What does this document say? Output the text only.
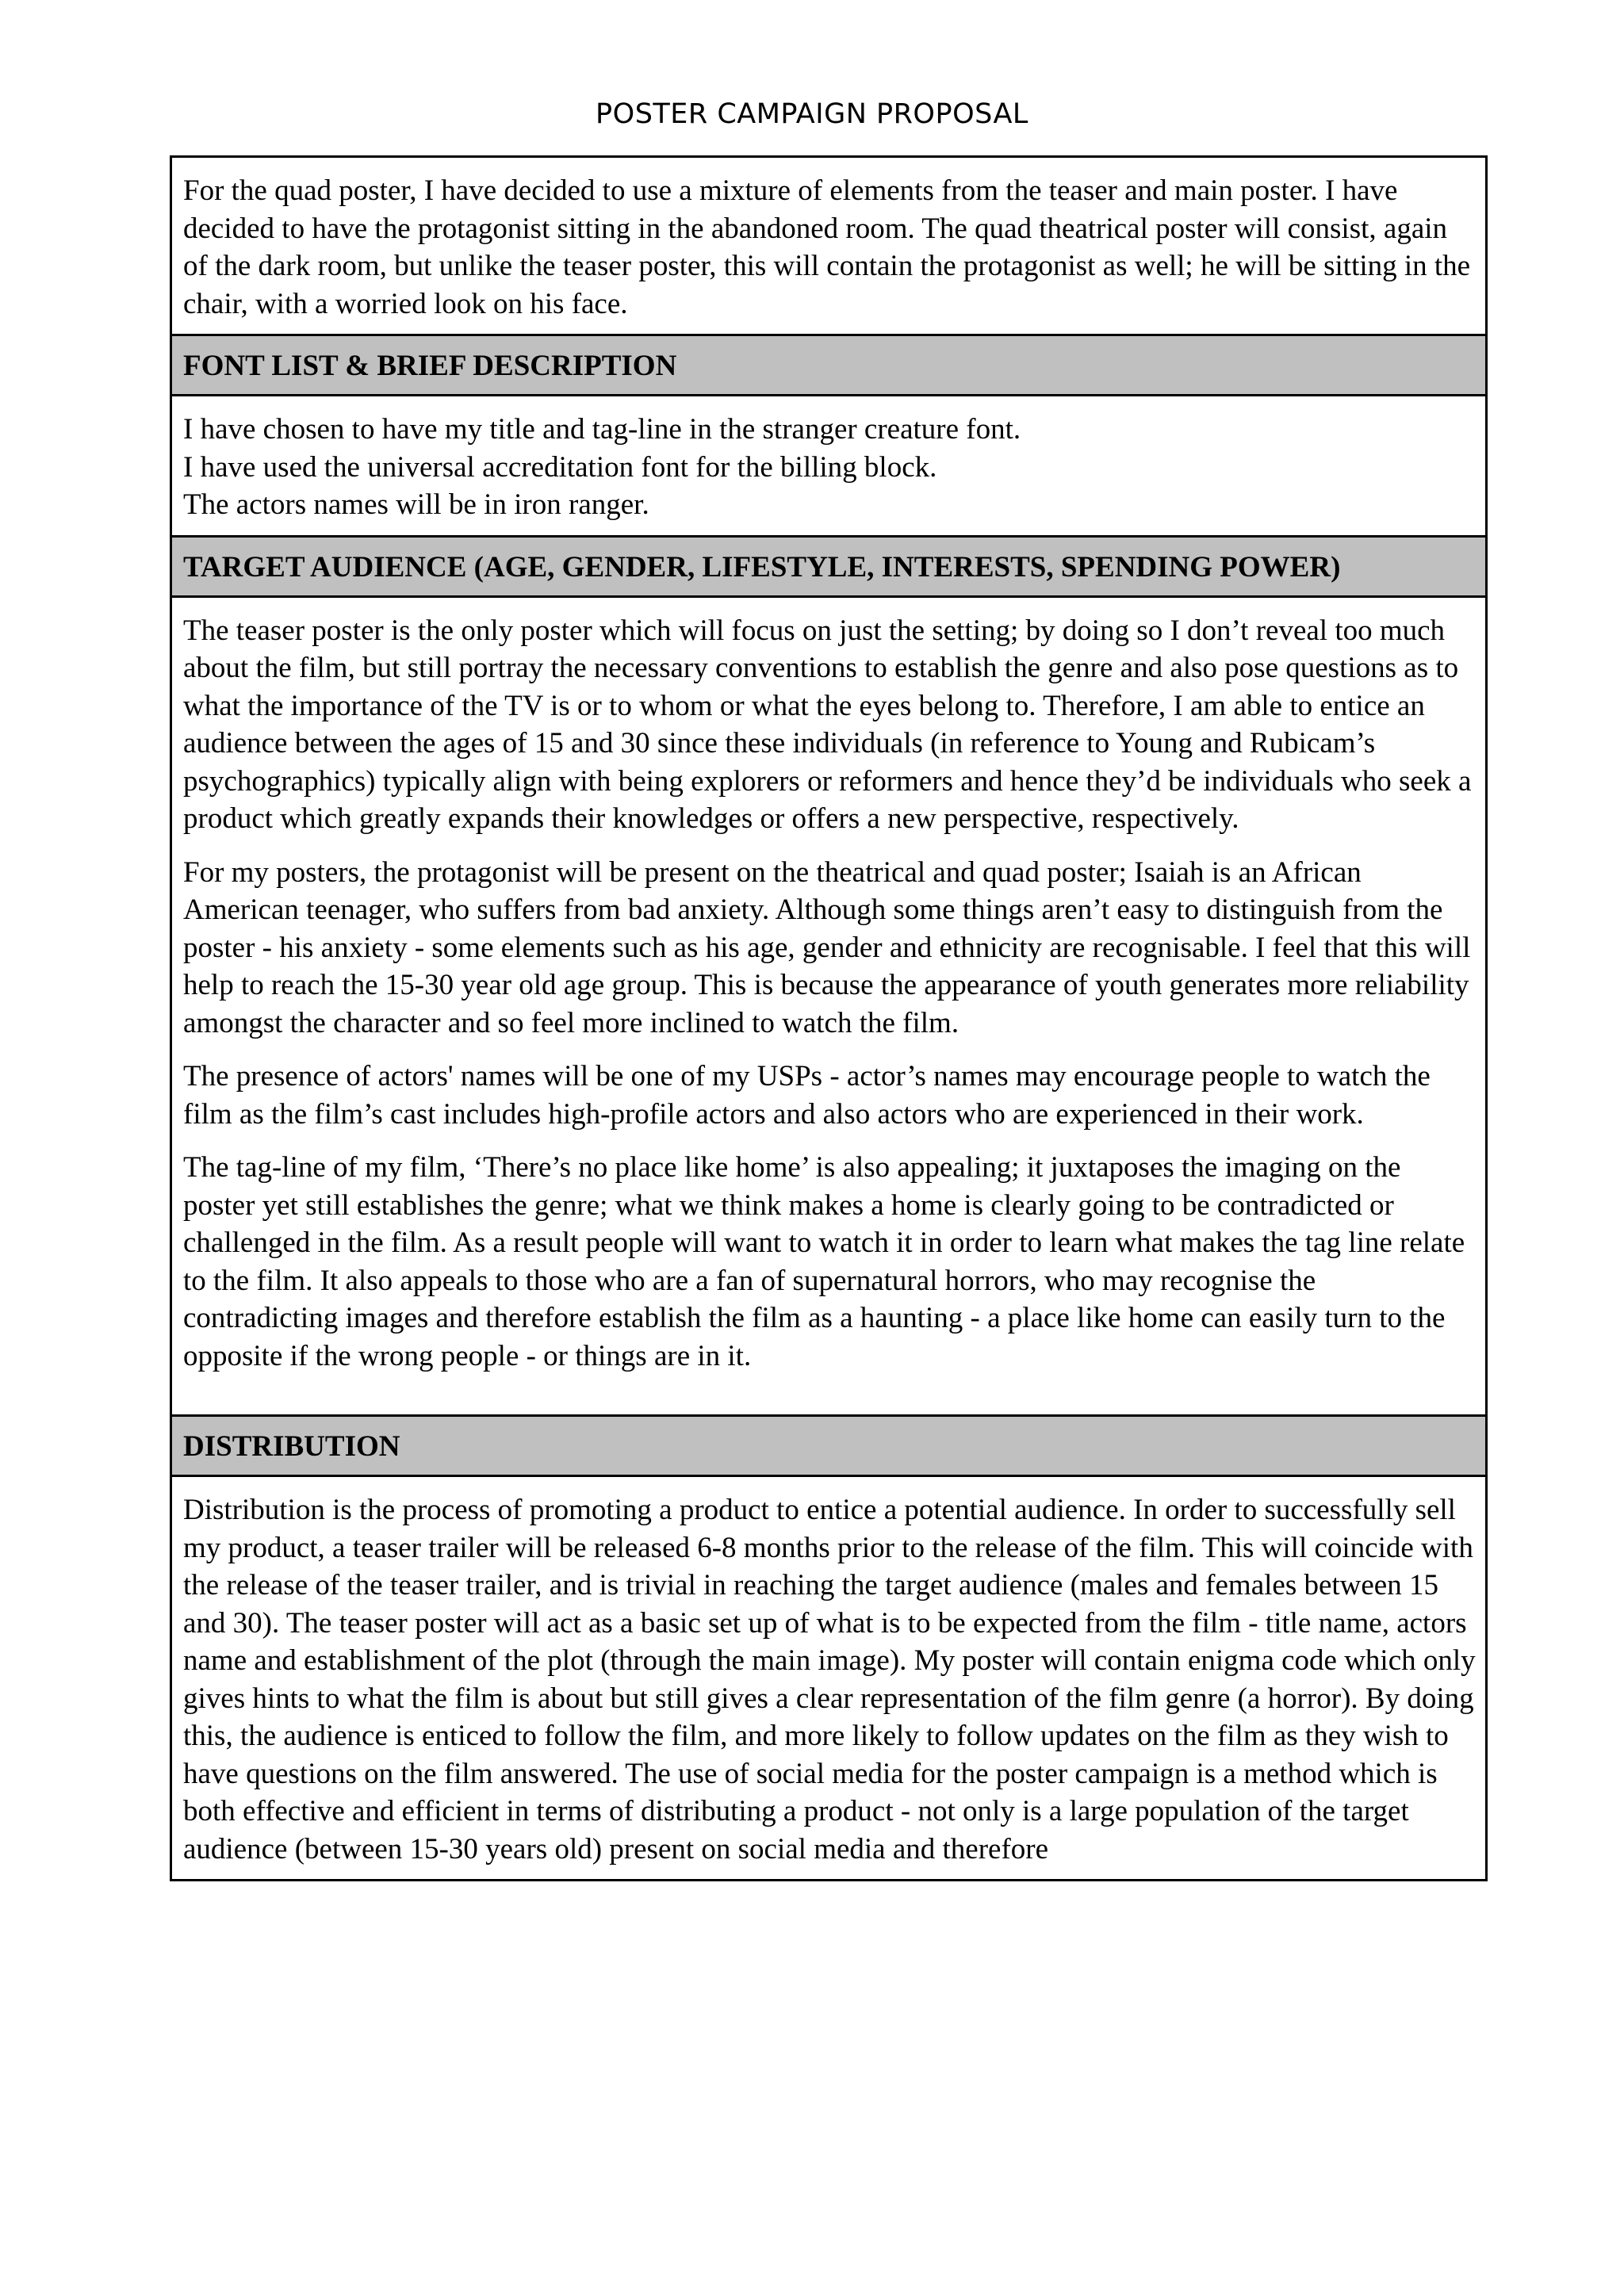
POSTER CAMPAIGN PROPOSAL

For the quad poster, I have decided to use a mixture of elements from the teaser and main poster. I have decided to have the protagonist sitting in the abandoned room. The quad theatrical poster will consist, again of the dark room, but unlike the teaser poster, this will contain the protagonist as well; he will be sitting in the chair, with a worried look on his face.

FONT LIST & BRIEF DESCRIPTION

I have chosen to have my title and tag-line in the stranger creature font.
I have used the universal accreditation font for the billing block.
The actors names will be in iron ranger.

TARGET AUDIENCE (AGE, GENDER, LIFESTYLE, INTERESTS, SPENDING POWER)

The teaser poster is the only poster which will focus on just the setting; by doing so I don’t reveal too much about the film, but still portray the necessary conventions to establish the genre and also pose questions as to what the importance of the TV is or to whom or what the eyes belong to. Therefore, I am able to entice an audience between the ages of 15 and 30 since these individuals (in reference to Young and Rubicam’s psychographics) typically align with being explorers or reformers and hence they’d be individuals who seek a product which greatly expands their knowledges or offers a new perspective, respectively.

For my posters, the protagonist will be present on the theatrical and quad poster; Isaiah is an African American teenager, who suffers from bad anxiety. Although some things aren’t easy to distinguish from the poster - his anxiety - some elements such as his age, gender and ethnicity are recognisable. I feel that this will help to reach the 15-30 year old age group. This is because the appearance of youth generates more reliability amongst the character and so feel more inclined to watch the film.

The presence of actors' names will be one of my USPs - actor’s names may encourage people to watch the film as the film’s cast includes high-profile actors and also actors who are experienced in their work.

The tag-line of my film, ‘There’s no place like home’ is also appealing; it juxtaposes the imaging on the poster yet still establishes the genre; what we think makes a home is clearly going to be contradicted or challenged in the film. As a result people will want to watch it in order to learn what makes the tag line relate to the film. It also appeals to those who are a fan of supernatural horrors, who may recognise the contradicting images and therefore establish the film as a haunting - a place like home can easily turn to the opposite if the wrong people - or things are in it.

DISTRIBUTION

Distribution is the process of promoting a product to entice a potential audience. In order to successfully sell my product, a teaser trailer will be released 6-8 months prior to the release of the film. This will coincide with the release of the teaser trailer, and is trivial in reaching the target audience (males and females between 15 and 30). The teaser poster will act as a basic set up of what is to be expected from the film - title name, actors name and establishment of the plot (through the main image). My poster will contain enigma code which only gives hints to what the film is about but still gives a clear representation of the film genre (a horror). By doing this, the audience is enticed to follow the film, and more likely to follow updates on the film as they wish to have questions on the film answered. The use of social media for the poster campaign is a method which is both effective and efficient in terms of distributing a product - not only is a large population of the target audience (between 15-30 years old) present on social media and therefore
